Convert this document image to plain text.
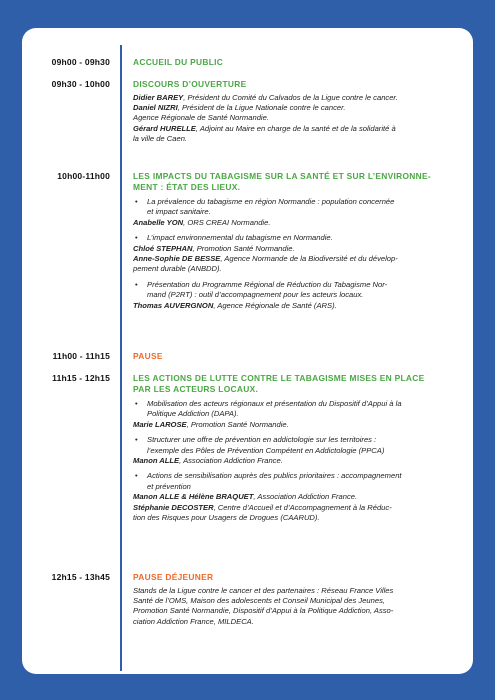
09h00 - 09h30	ACCUEIL DU PUBLIC
09h30 - 10h00	DISCOURS D’OUVERTURE
Didier BAREY, Président du Comité du Calvados de la Ligue contre le cancer.
Daniel NIZRI, Président de la Ligue Nationale contre le cancer.
Agence Régionale de Santé Normandie.
Gérard HURELLE, Adjoint au Maire en charge de la santé et de la solidarité à
la ville de Caen.
10h00-11h00	LES IMPACTS DU TABAGISME SUR LA SANTÉ ET SUR L’ENVIRONNE-
MENT : ÉTAT DES LIEUX.
• La prévalence du tabagisme en région Normandie : population concernée
et impact sanitaire.
Anabelle YON, ORS CREAI Normandie.
• L’impact environnemental du tabagisme en Normandie.
Chloé STEPHAN, Promotion Santé Normandie.
Anne-Sophie DE BESSE, Agence Normande de la Biodiversité et du dévelop-
pement durable (ANBDD).
• Présentation du Programme Régional de Réduction du Tabagisme Nor-
mand (P2RT) : outil d’accompagnement pour les acteurs locaux.
Thomas AUVERGNON, Agence Régionale de Santé (ARS).
11h00 - 11h15	PAUSE
11h15 - 12h15	LES ACTIONS DE LUTTE CONTRE LE TABAGISME MISES EN PLACE
PAR LES ACTEURS LOCAUX.
• Mobilisation des acteurs régionaux et présentation du Dispositif d’Appui à la
Politique Addiction (DAPA).
Marie LAROSE, Promotion Santé Normandie.
• Structurer une offre de prévention en addictologie sur les territoires :
l’exemple des Pôles de Prévention Compétent en Addictologie (PPCA)
Manon ALLE, Association Addiction France.
• Actions de sensibilisation auprès des publics prioritaires : accompagnement
et prévention
Manon ALLE & Hélène BRAQUET, Association Addiction France.
Stéphanie DECOSTER, Centre d’Accueil et d’Accompagnement à la Réduc-
tion des Risques pour Usagers de Drogues (CAARUD).
12h15 - 13h45	PAUSE DÉJEUNER
Stands de la Ligue contre le cancer et des partenaires : Réseau France Villes
Santé de l’OMS, Maison des adolescents et Conseil Municipal des Jeunes,
Promotion Santé Normandie, Dispositif d’Appui à la Politique Addiction, Asso-
ciation Addiction France, MILDECA.
